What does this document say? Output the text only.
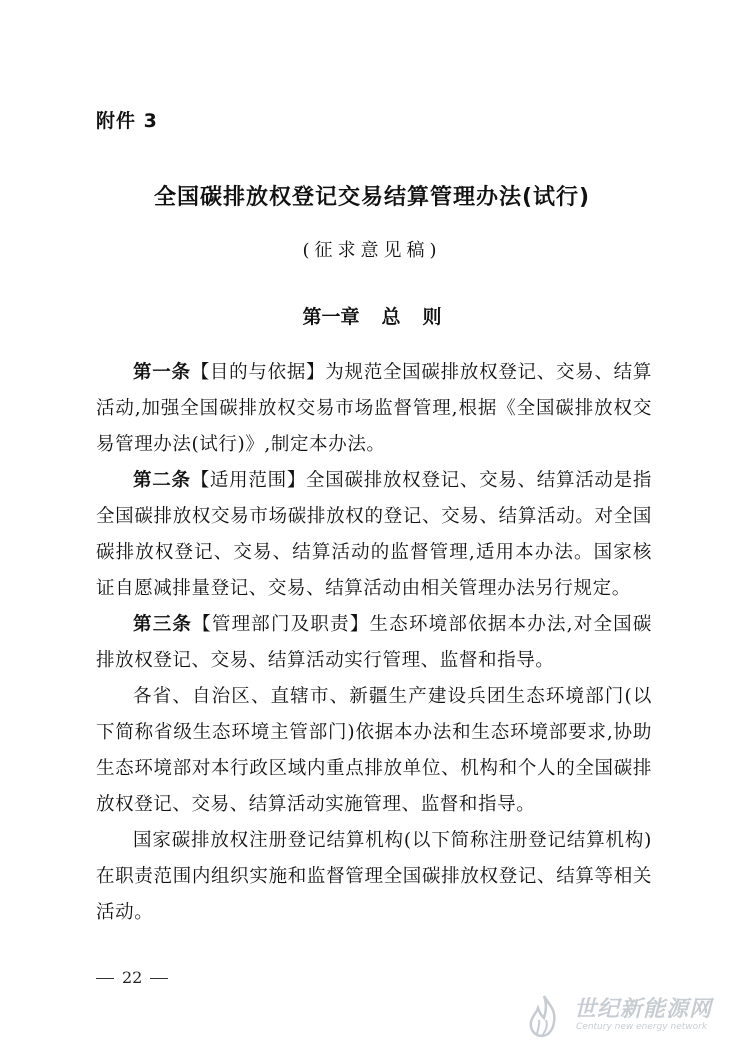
附件 3
全国碳排放权登记交易结算管理办法(试行)
(征求意见稿)
第一章 总 则

第一条【目的与依据】为规范全国碳排放权登记、交易、结算活动,加强全国碳排放权交易市场监督管理,根据《全国碳排放权交易管理办法(试行)》,制定本办法。

第二条【适用范围】全国碳排放权登记、交易、结算活动是指全国碳排放权交易市场碳排放权的登记、交易、结算活动。对全国碳排放权登记、交易、结算活动的监督管理,适用本办法。国家核证自愿减排量登记、交易、结算活动由相关管理办法另行规定。

第三条【管理部门及职责】生态环境部依据本办法,对全国碳排放权登记、交易、结算活动实行管理、监督和指导。

各省、自治区、直辖市、新疆生产建设兵团生态环境部门(以下简称省级生态环境主管部门)依据本办法和生态环境部要求,协助生态环境部对本行政区域内重点排放单位、机构和个人的全国碳排放权登记、交易、结算活动实施管理、监督和指导。

国家碳排放权注册登记结算机构(以下简称注册登记结算机构)在职责范围内组织实施和监督管理全国碳排放权登记、结算等相关活动。

22
世纪新能源网
Century new energy network
